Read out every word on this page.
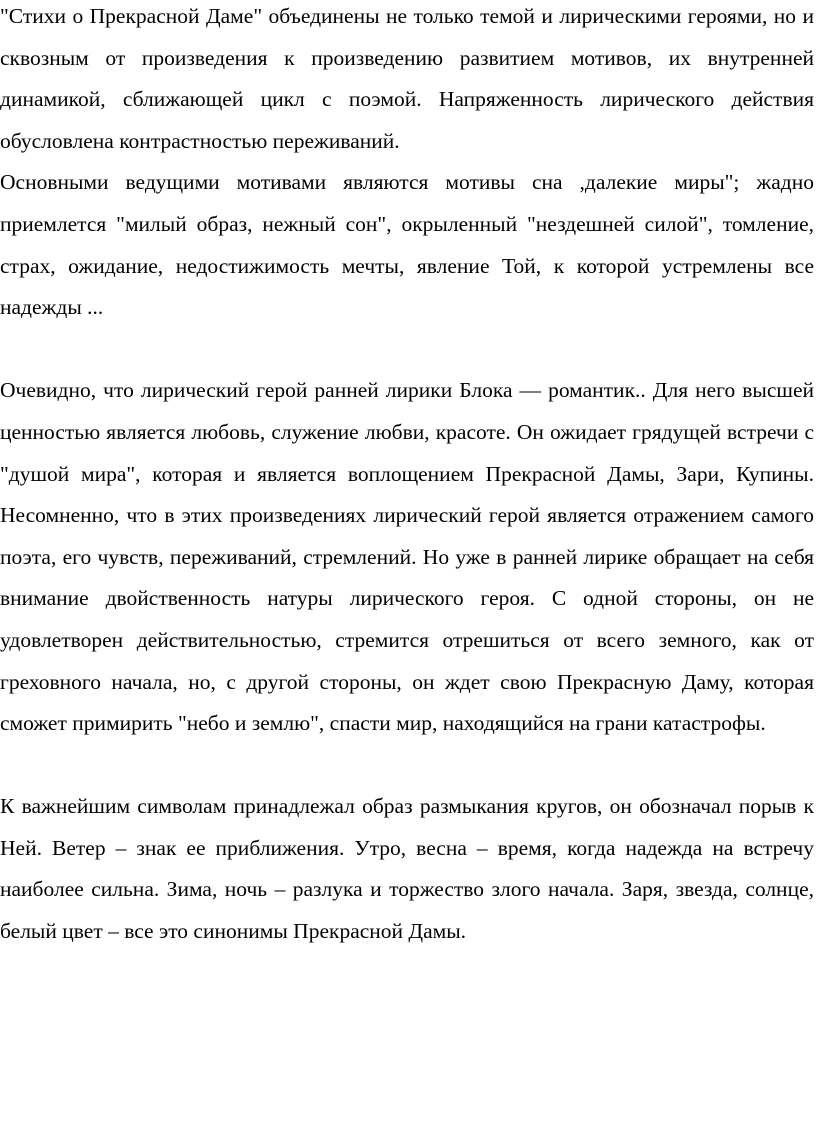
"Стихи о Прекрасной Даме" объединены не только темой и лирическими героями, но и сквозным от произведения к произведению развитием мотивов, их внутренней динамикой, сближающей цикл с поэмой. Напряженность лирического действия обусловлена контрастностью переживаний.

Основными ведущими мотивами являются мотивы сна ,далекие миры"; жадно приемлется "милый образ, нежный сон", окрыленный "нездешней силой", томление, страх, ожидание, недостижимость мечты, явление Той, к которой устремлены все надежды ...

Очевидно, что лирический герой ранней лирики Блока — романтик.. Для него высшей ценностью является любовь, служение любви, красоте. Он ожидает грядущей встречи с "душой мира", которая и является воплощением Прекрасной Дамы, Зари, Купины. Несомненно, что в этих произведениях лирический герой является отражением самого поэта, его чувств, переживаний, стремлений. Но уже в ранней лирике обращает на себя внимание двойственность натуры лирического героя. С одной стороны, он не удовлетворен действительностью, стремится отрешиться от всего земного, как от греховного начала, но, с другой стороны, он ждет свою Прекрасную Даму, которая сможет примирить "небо и землю", спасти мир, находящийся на грани катастрофы.

К важнейшим символам принадлежал образ размыкания кругов, он обозначал порыв к Ней. Ветер – знак ее приближения. Утро, весна – время, когда надежда на встречу наиболее сильна. Зима, ночь – разлука и торжество злого начала. Заря, звезда, солнце, белый цвет – все это синонимы Прекрасной Дамы.
